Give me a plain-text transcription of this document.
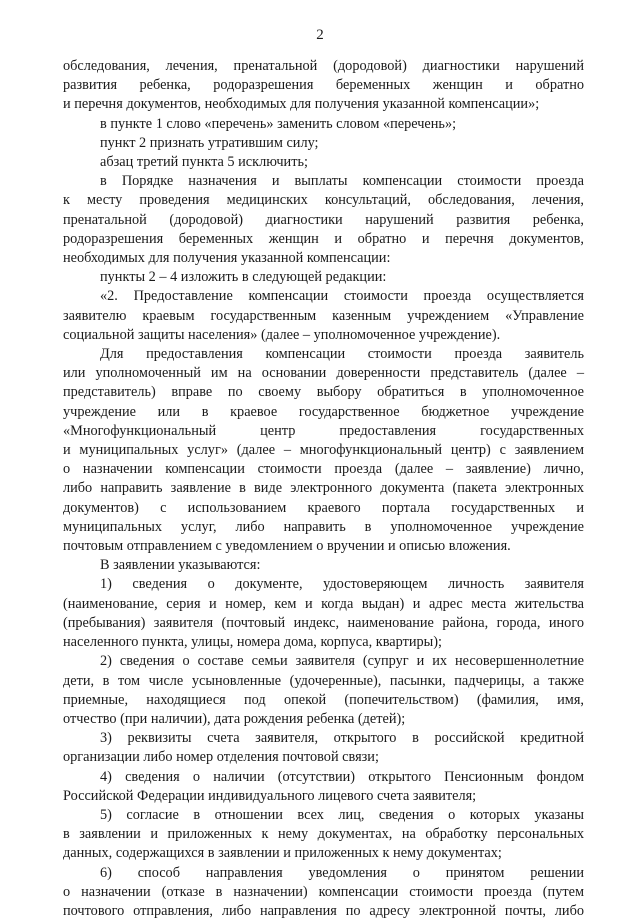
2
обследования, лечения, пренатальной (дородовой) диагностики нарушений
развития ребенка, родоразрешения беременных женщин и обратно
и перечня документов, необходимых для получения указанной компенсации»;
в пункте 1 слово «перечень» заменить словом «перечень»;
пункт 2 признать утратившим силу;
абзац третий пункта 5 исключить;
в Порядке назначения и выплаты компенсации стоимости проезда
к месту проведения медицинских консультаций, обследования, лечения,
пренатальной (дородовой) диагностики нарушений развития ребенка,
родоразрешения беременных женщин и обратно и перечня документов,
необходимых для получения указанной компенсации:
пункты 2 – 4 изложить в следующей редакции:
«2. Предоставление компенсации стоимости проезда осуществляется
заявителю краевым государственным казенным учреждением «Управление
социальной защиты населения» (далее – уполномоченное учреждение).
Для предоставления компенсации стоимости проезда заявитель
или уполномоченный им на основании доверенности представитель (далее –
представитель) вправе по своему выбору обратиться в уполномоченное
учреждение или в краевое государственное бюджетное учреждение
«Многофункциональный центр предоставления государственных
и муниципальных услуг» (далее – многофункциональный центр) с заявлением
о назначении компенсации стоимости проезда (далее – заявление) лично,
либо направить заявление в виде электронного документа (пакета электронных
документов) с использованием краевого портала государственных и
муниципальных услуг, либо направить в уполномоченное учреждение
почтовым отправлением с уведомлением о вручении и описью вложения.
В заявлении указываются:
1) сведения о документе, удостоверяющем личность заявителя
(наименование, серия и номер, кем и когда выдан) и адрес места жительства
(пребывания) заявителя (почтовый индекс, наименование района, города, иного
населенного пункта, улицы, номера дома, корпуса, квартиры);
2) сведения о составе семьи заявителя (супруг и их несовершеннолетние
дети, в том числе усыновленные (удочеренные), пасынки, падчерицы, а также
приемные, находящиеся под опекой (попечительством) (фамилия, имя,
отчество (при наличии), дата рождения ребенка (детей);
3) реквизиты счета заявителя, открытого в российской кредитной
организации либо номер отделения почтовой связи;
4) сведения о наличии (отсутствии) открытого Пенсионным фондом
Российской Федерации индивидуального лицевого счета заявителя;
5) согласие в отношении всех лиц, сведения о которых указаны
в заявлении и приложенных к нему документах, на обработку персональных
данных, содержащихся в заявлении и приложенных к нему документах;
6) способ направления уведомления о принятом решении
о назначении (отказе в назначении) компенсации стоимости проезда (путем
почтового отправления, либо направления по адресу электронной почты, либо
